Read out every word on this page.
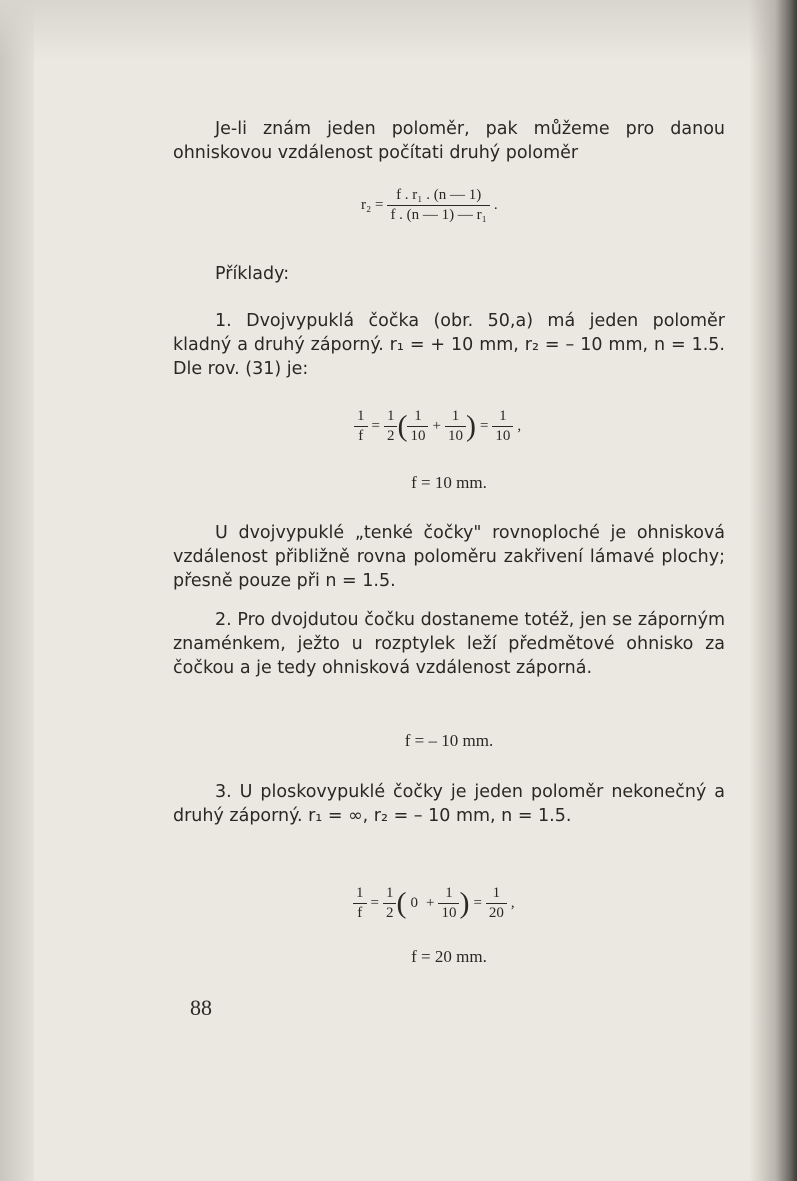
Je-li znám jeden poloměr, pak můžeme pro danou ohniskovou vzdálenost počítati druhý poloměr

$r_2 = \frac{\text{f . r₁ . (n — 1)}}{\text{f . (n — 1) — r₁}}$ .

Příklady:

1. Dvojvypuklá čočka (obr. 50,a) má jeden poloměr kladný a druhý záporný. r₁ = + 10 mm, r₂ = – 10 mm, n = 1.5. Dle rov. (31) je:

$\frac{1}{f} = \frac{1}{2}$ ( $\frac{1}{10} + \frac{1}{10}$ ) = $\frac{1}{10}$ ,
f = 10 mm.

U dvojvypuklé „tenké čočky" rovnoploché je ohnisková vzdálenost přibližně rovna poloměru zakřivení lámavé plochy; přesně pouze při n = 1.5.

2. Pro dvojdutou čočku dostaneme totéž, jen se záporným znaménkem, ježto u rozptylek leží předmětové ohnisko za čočkou a je tedy ohnisková vzdálenost záporná.

f = – 10 mm.

3. U ploskovypuklé čočky je jeden poloměr nekonečný a druhý záporný. r₁ = ∞, r₂ = – 10 mm, n = 1.5.

$\frac{1}{f} = \frac{1}{2}$ ( $0 + \frac{1}{10}$ ) = $\frac{1}{20}$ ,
f = 20 mm.
88
